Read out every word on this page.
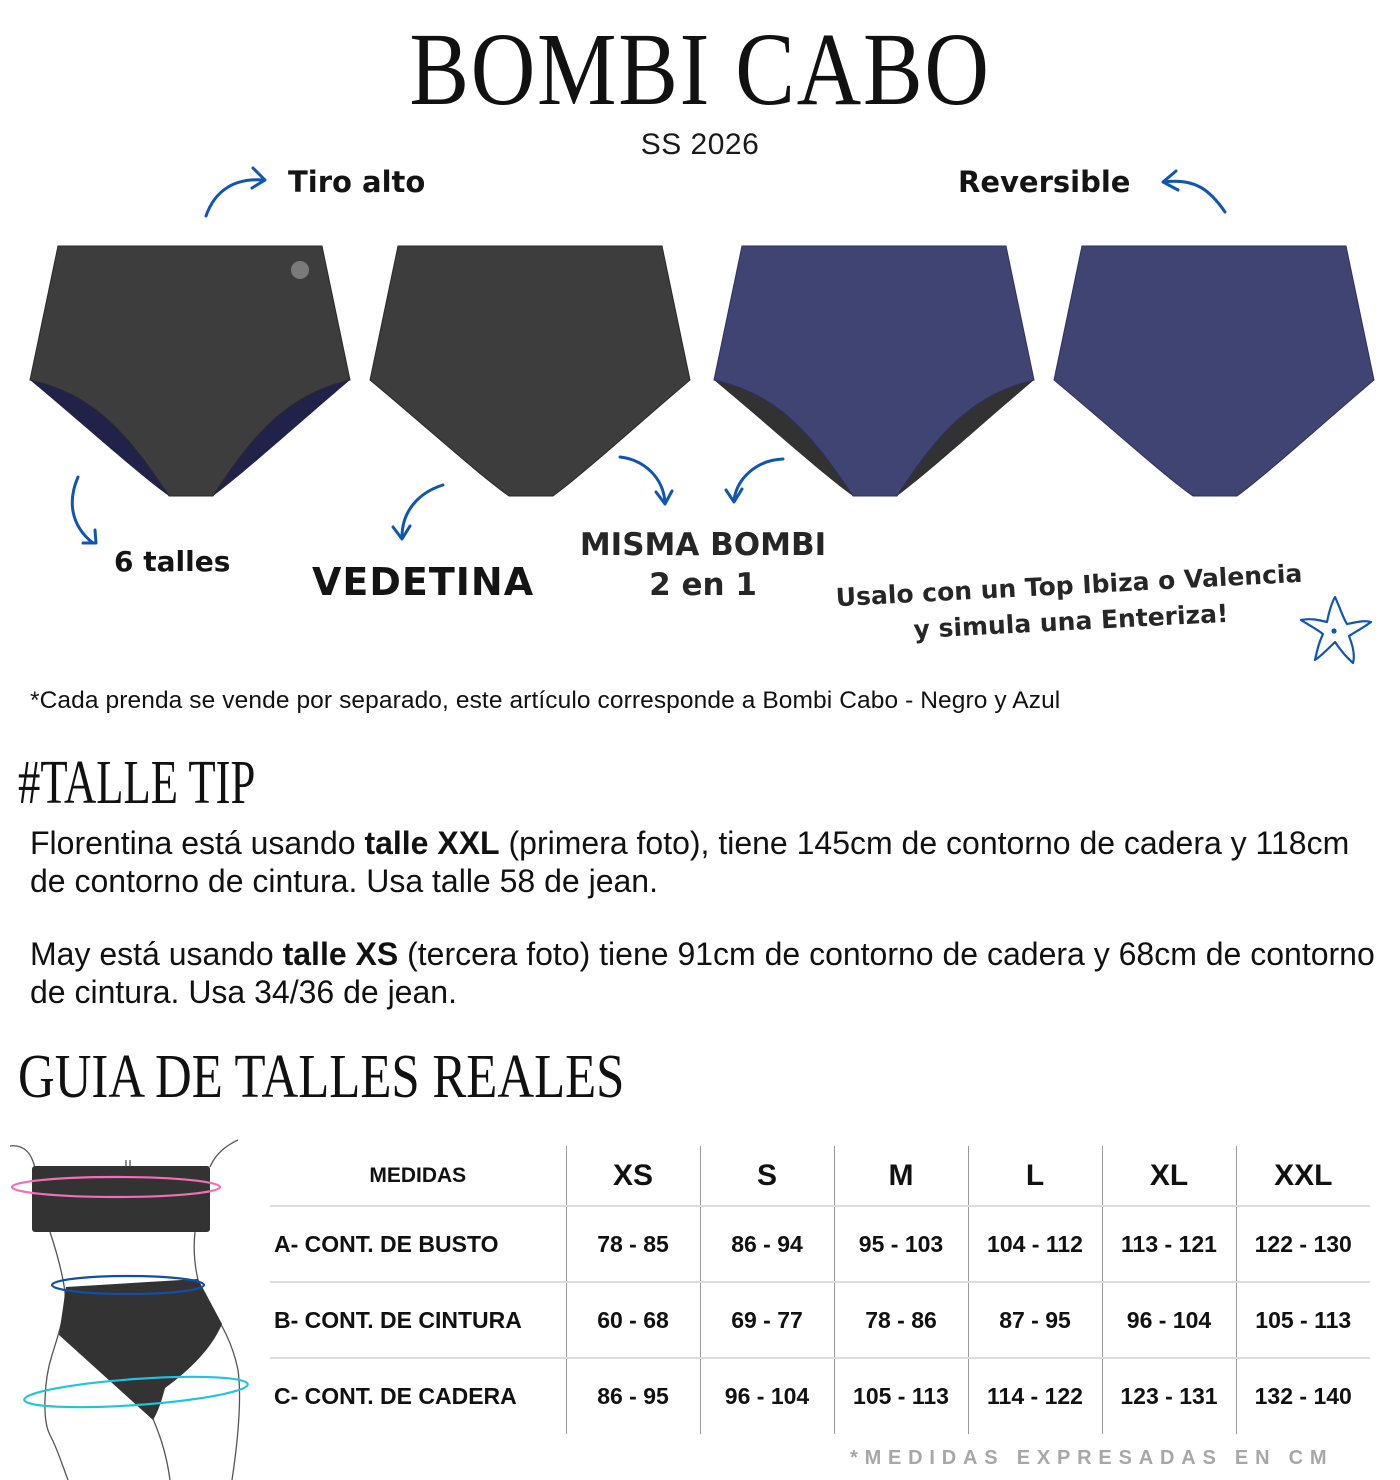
BOMBI CABO
SS 2026
Tiro alto	Reversible
6 talles VEDETINA
MISMA BOMBI
2 en 1	Usalo con un Top Ibiza o Valencia
y simula una Enteriza!
*Cada prenda se vende por separado, este artículo corresponde a Bombi Cabo - Negro y Azul
#TALLE TIP
Florentina está usando talle XXL (primera foto), tiene 145cm de contorno de cadera y 118cm de contorno de cintura. Usa talle 58 de jean.
May está usando talle XS (tercera foto) tiene 91cm de contorno de cadera y 68cm de contorno de cintura. Usa 34/36 de jean.
GUIA DE TALLES REALES
MEDIDAS	XS	S	M	L	XL	XXL
A- CONT. DE BUSTO	78 - 85	86 - 94	95 - 103	104 - 112	113 - 121	122 - 130
B- CONT. DE CINTURA	60 - 68	69 - 77	78 - 86	87 - 95	96 - 104	105 - 113
C- CONT. DE CADERA	86 - 95	96 - 104	105 - 113	114 - 122	123 - 131	132 - 140
*MEDIDAS EXPRESADAS EN CM
